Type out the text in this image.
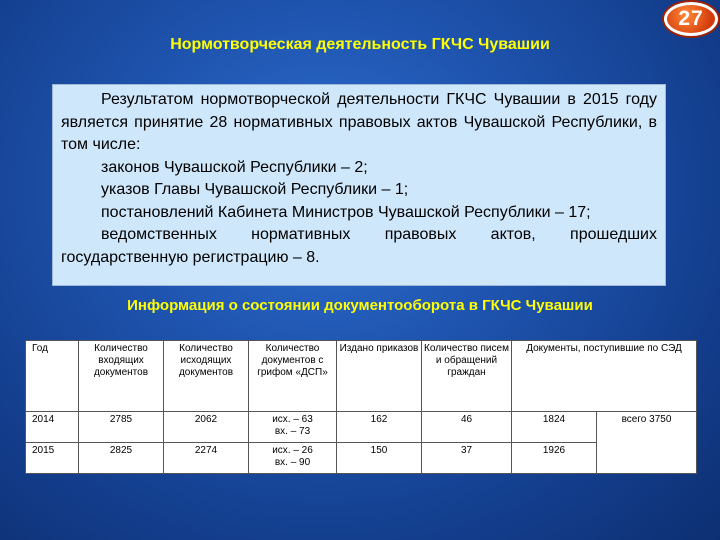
27
Нормотворческая деятельность ГКЧС Чувашии

Результатом нормотворческой деятельности ГКЧС Чувашии в 2015 году является принятие 28 нормативных правовых актов Чувашской Республики, в том числе:

законов Чувашской Республики – 2;

указов Главы Чувашской Республики – 1;

постановлений Кабинета Министров Чувашской Республики – 17;

ведомственных нормативных правовых актов, прошедших

государственную регистрацию – 8.

Информация о состоянии документооборота в ГКЧС Чувашии
Год	Количество входящих документов	Количество исходящих документов	Количество документов с грифом «ДСП»	Издано приказов	Количество писем и обращений граждан	Документы, поступившие по СЭД	
2014	2785	2062	исх. – 63
вх. – 73	162	46	1824	всего 3750
2015	2825	2274	исх. – 26
вх. – 90	150	37	1926	
